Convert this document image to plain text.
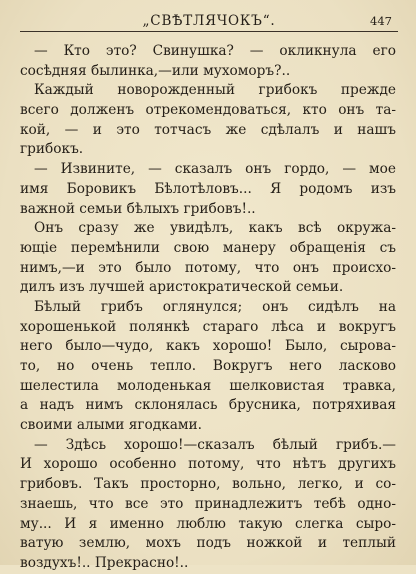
„СВѢТЛЯЧОКЪ“.	447
— Кто это? Свинушка? — окликнула его
сосѣдняя былинка,—или мухоморъ?..
Каждый новорожденный грибокъ прежде
всего долженъ отрекомендоваться, кто онъ та-
кой, — и это тотчасъ же сдѣлалъ и нашъ
грибокъ.
— Извините, — сказалъ онъ гордо, — мое
имя Боровикъ Бѣлотѣловъ... Я родомъ изъ
важной семьи бѣлыхъ грибовъ!..
Онъ сразу же увидѣлъ, какъ всѣ окружа-
ющіе перемѣнили свою манеру обращенія съ
нимъ,—и это было потому, что онъ происхо-
дилъ изъ лучшей аристократической семьи.
Бѣлый грибъ оглянулся; онъ сидѣлъ на
хорошенькой полянкѣ стараго лѣса и вокругъ
него было—чудо, какъ хорошо! Было, сырова-
то, но очень тепло. Вокругъ него ласково
шелестила молоденькая шелковистая травка,
а надъ нимъ склонялась брусника, потряхивая
своими алыми ягодками.
— Здѣсь хорошо!—сказалъ бѣлый грибъ.—
И хорошо особенно потому, что нѣтъ другихъ
грибовъ. Такъ просторно, вольно, легко, и со-
знаешь, что все это принадлежитъ тебѣ одно-
му... И я именно люблю такую слегка сыро-
ватую землю, мохъ подъ ножкой и теплый
воздухъ!.. Прекрасно!..
